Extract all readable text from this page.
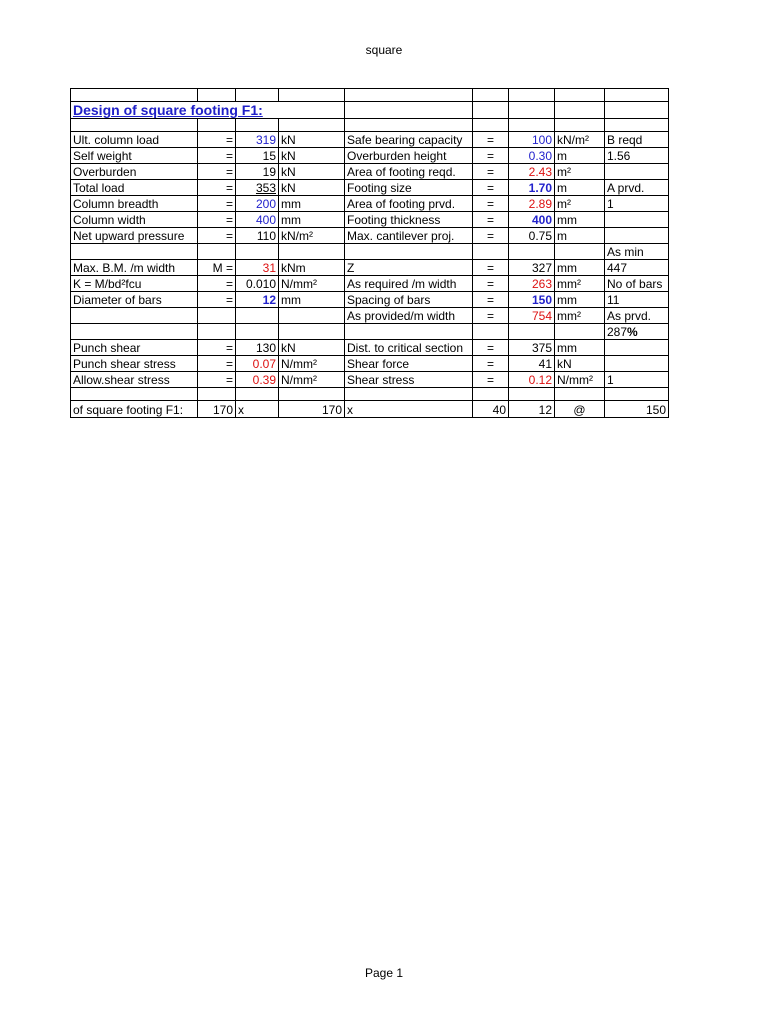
square

Design of square footing F1:								

Ult. column load	=	319	kN	Safe bearing capacity	=	100	kN/m²	B reqd
Self weight	=	15	kN	Overburden height	=	0.30	m	1.56
Overburden	=	19	kN	Area of footing reqd.	=	2.43	m²	
Total load	=	353	kN	Footing size	=	1.70	m	A prvd.
Column breadth	=	200	mm	Area of footing prvd.	=	2.89	m²	1
Column width	=	400	mm	Footing thickness	=	400	mm	
Net upward pressure	=	110	kN/m²	Max. cantilever proj.	=	0.75	m	
								As min
Max. B.M. /m width	M =	31	kNm	Z	=	327	mm	447
K = M/bd²fcu	=	0.010	N/mm²	As required /m width	=	263	mm²	No of bars
Diameter of bars	=	12	mm	Spacing of bars	=	150	mm	11
				As provided/m width	=	754	mm²	As prvd.
								287%
Punch shear	=	130	kN	Dist. to critical section	=	375	mm	
Punch shear stress	=	0.07	N/mm²	Shear force	=	41	kN	
Allow.shear stress	=	0.39	N/mm²	Shear stress	=	0.12	N/mm²	1

of square footing F1:	170	x	170	x	40	12	@	150
Page 1
